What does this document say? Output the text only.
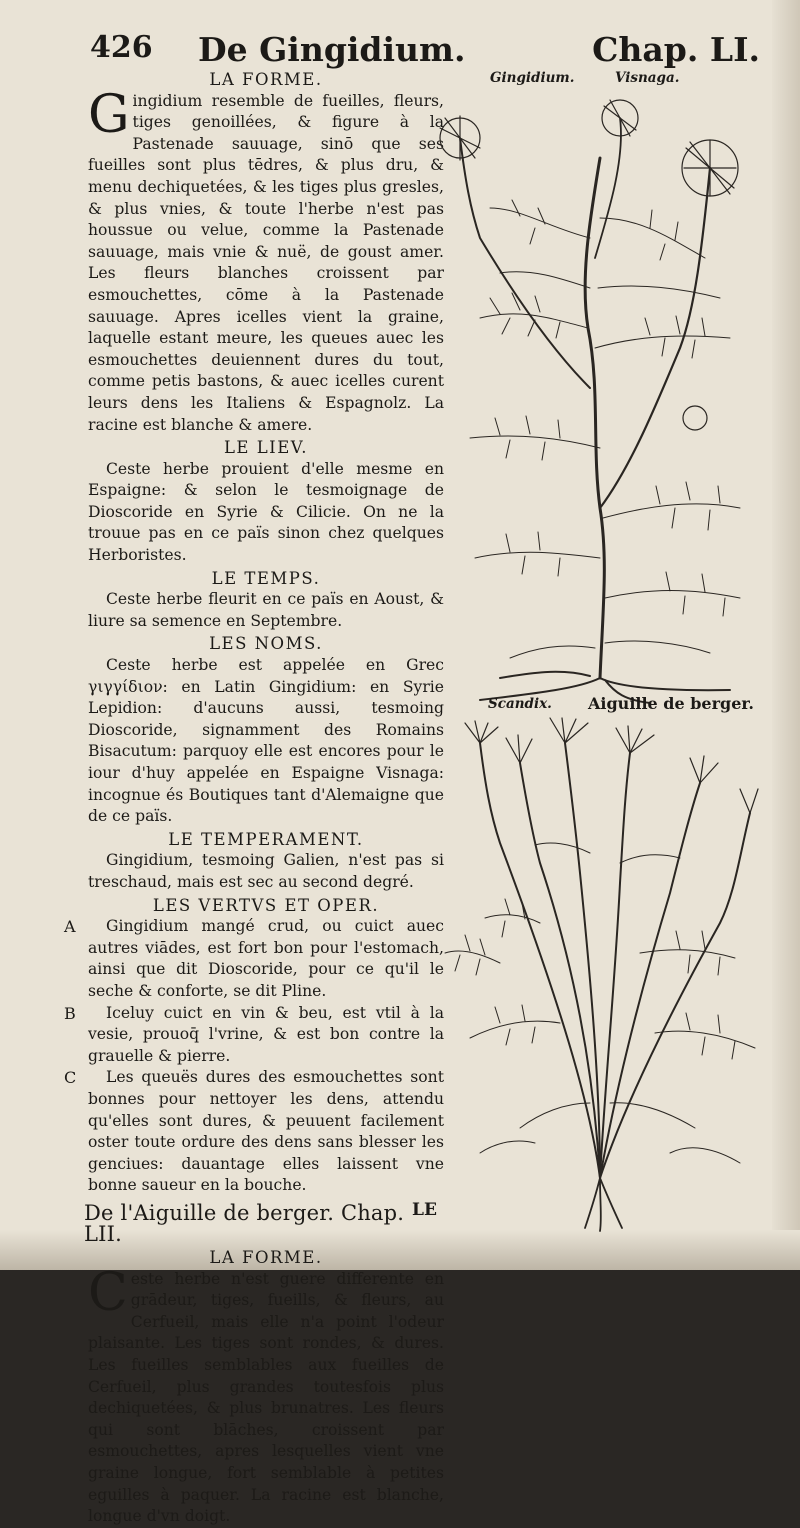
426 De Gingidium.	Chap. LI.

LA FORME.

Gingidium resemble de fueilles, fleurs, tiges genoillées, & figure à la Pastenade sauuage, sinō que ses fueilles sont plus tēdres, & plus dru, & menu dechiquetées, & les tiges plus gresles, & plus vnies, & toute l'herbe n'est pas houssue ou velue, comme la Pastenade sauuage, mais vnie & nuë, de goust amer. Les fleurs blanches croissent par esmouchettes, cōme à la Pastenade sauuage. Apres icelles vient la graine, laquelle estant meure, les queues auec les esmouchettes deuiennent dures du tout, comme petis bastons, & auec icelles curent leurs dens les Italiens & Espagnolz. La racine est blanche & amere.

LE LIEV.

Ceste herbe prouient d'elle mesme en Espaigne: & selon le tesmoignage de Dioscoride en Syrie & Cilicie. On ne la trouue pas en ce païs sinon chez quelques Herboristes.

LE TEMPS.

Ceste herbe fleurit en ce païs en Aoust, & liure sa semence en Septembre.

LES NOMS.

Ceste herbe est appelée en Grec γιγγίδιον: en Latin Gingidium: en Syrie Lepidion: d'aucuns aussi, tesmoing Dioscoride, signamment des Romains Bisacutum: parquoy elle est encores pour le iour d'huy appelée en Espaigne Visnaga: incognue és Boutiques tant d'Alemaigne que de ce païs.

LE TEMPERAMENT.

Gingidium, tesmoing Galien, n'est pas si treschaud, mais est sec au second degré.

LES VERTVS ET OPER.

A Gingidium mangé crud, ou cuict auec autres viādes, est fort bon pour l'estomach, ainsi que dit Dioscoride, pour ce qu'il le seche & conforte, se dit Pline.

B Iceluy cuict en vin & beu, est vtil à la vesie, prouoq̄ l'vrine, & est bon contre la grauelle & pierre.

C Les queuës dures des esmouchettes sont bonnes pour nettoyer les dens, attendu qu'elles sont dures, & peuuent facilement oster toute ordure des dens sans blesser les genciues: dauantage elles laissent vne bonne saueur en la bouche.

De l'Aiguille de berger. Chap. LII.

LA FORME.

Ceste herbe n'est guere differente en grādeur, tiges, fueills, & fleurs, au Cerfueil, mais elle n'a point l'odeur plaisante. Les tiges sont rondes, & dures. Les fueilles semblables aux fueilles de Cerfueil, plus grandes toutesfois plus dechiquetées, & plus brunatres. Les fleurs qui sont blāches, croissent par esmouchettes, apres lesquelles vient vne graine longue, fort semblable à petites eguilles à paquer. La racine est blanche, longue d'vn doigt.

Gingidium.	Visnaga.
Scandix. Aiguille de berger.
LE
